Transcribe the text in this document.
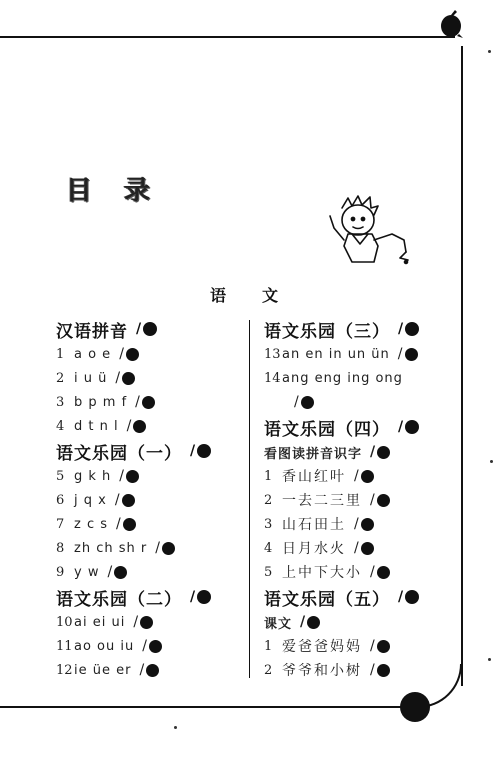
目 录
语 文
汉语拼音 /
1 a o e /
2 i u ü /
3 b p m f /
4 d t n l /
语文乐园（一） /
5 g k h /
6 j q x /
7 z c s /
8 zh ch sh r /
9 y w /
语文乐园（二） /
10 ai ei ui /
11 ao ou iu /
12 ie üe er /
语文乐园（三） /
13 an en in un ün /
14 ang eng ing ong
/
语文乐园（四） /
看图读拼音识字 /
1 香山红叶 /
2 一去二三里 /
3 山石田土 /
4 日月水火 /
5 上中下大小 /
语文乐园（五） /
课文 /
1 爱爸爸妈妈 /
2 爷爷和小树 /
